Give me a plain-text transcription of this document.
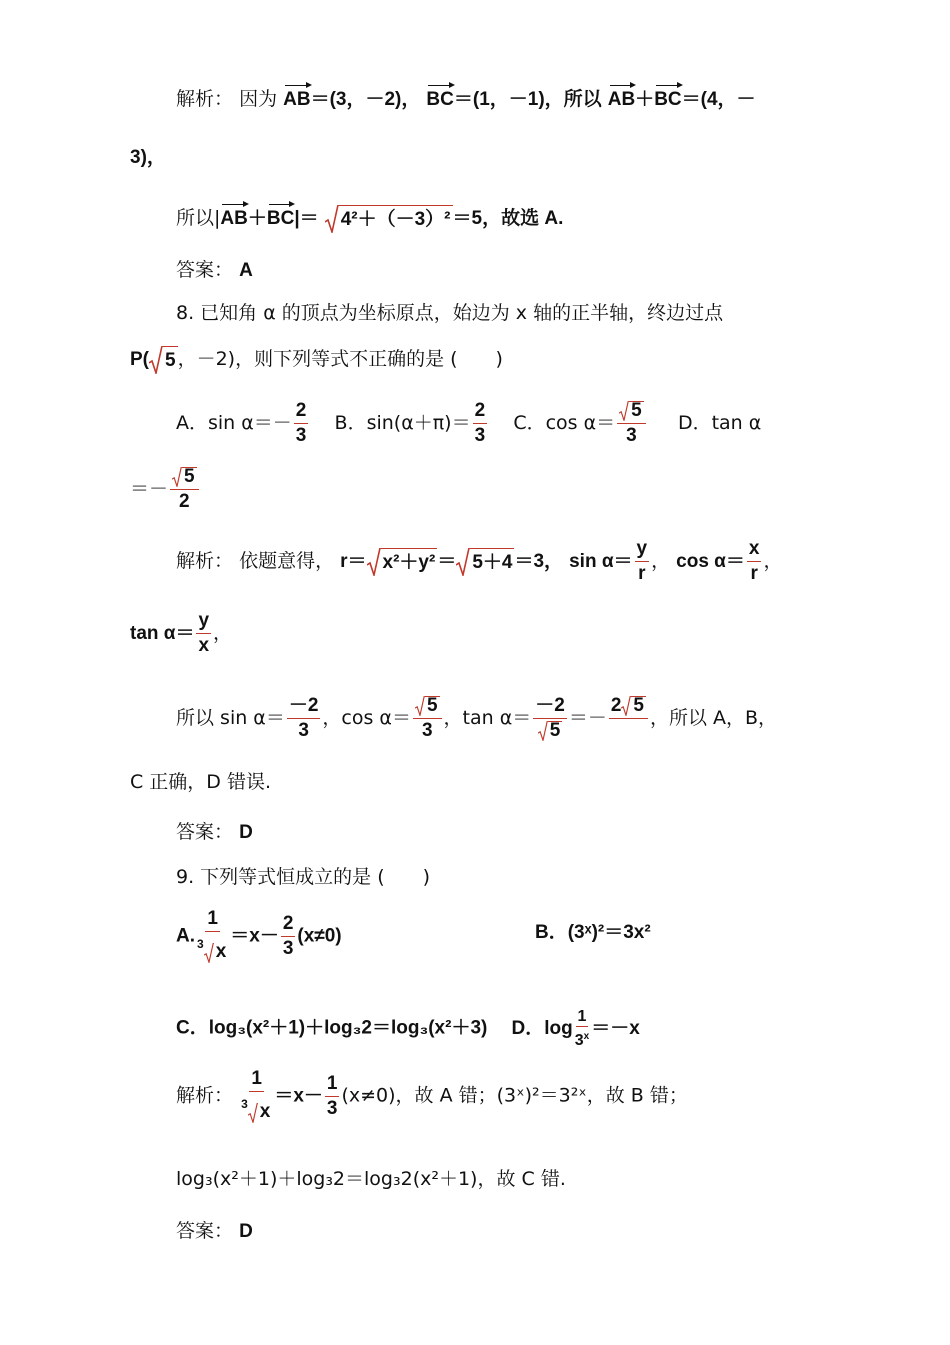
解析： 因为 AB＝(3，－2)， BC＝(1，－1)，所以 AB＋BC＝(4，－
3)，
所以|AB＋BC|＝ 4²＋（－3）² ＝5，故选 A.
答案： A
8. 已知角 α 的顶点为坐标原点，始边为 x 轴的正半轴，终边过点
P( 5 ，－2)，则下列等式不正确的是 (　　)
A．$\sin \alpha=- \frac{2}{3}$ B．$\sin(\alpha+\pi)= \frac{2}{3}$ C．$\cos \alpha= \frac{5}{3}$ D．tan α
＝－ $\frac{5}{2}$
解析： 依题意得， r＝ x²＋y² ＝ 5＋4 ＝3， $\sin \alpha= \frac{y}{r}$ ， $\cos \alpha= \frac{x}{r}$ ，
$\tan \alpha= \frac{y}{x}$ ，
所以 $\sin \alpha= \frac{-2}{3}$ ，$\cos \alpha= \frac{5}{3}$ ，$\tan \alpha= \frac{-2}{5}$ ＝－
2 5
，所以 A，B，
C 正确，D 错误.
答案： D
9. 下列等式恒成立的是 (　　)
A. $\frac{1}{^3 x} =x- \frac{2}{3} (x\ne 0)$	B．(3ˣ)²＝3x²
C．log₃(x²＋1)＋log₃2＝log₃(x²＋3) D．$\log \frac{1}{3^x} =-x$
解析： $\frac{1}{^3 x} =x- \frac{1}{3} (x\ne 0)$，故 A 错；(3ˣ)²＝3²ˣ，故 B 错；
log₃(x²＋1)＋log₃2＝log₃2(x²＋1)，故 C 错.
答案： D
